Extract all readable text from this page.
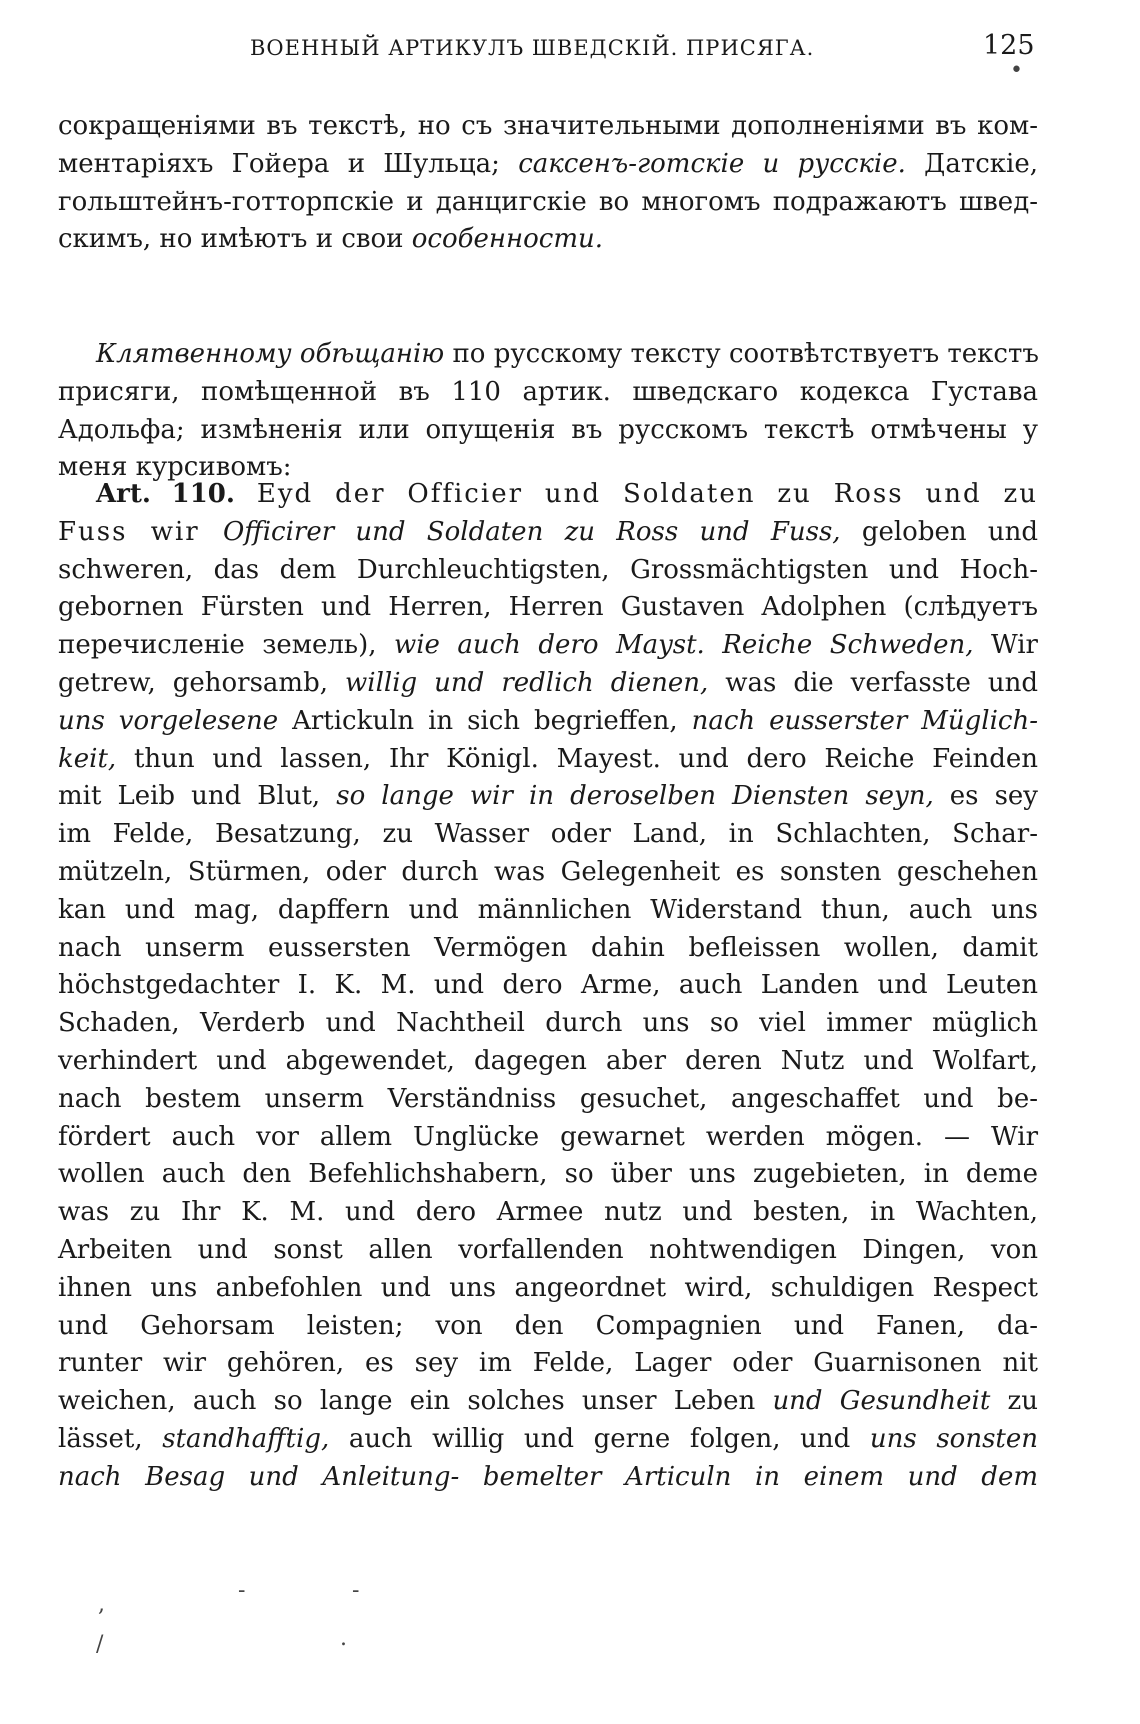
ВОЕННЫЙ АРТИКУЛЪ ШВЕДСКІЙ. ПРИСЯГА.	125
сокращеніями въ текстѣ, но съ значительными дополненіями въ ком-
ментаріяхъ Гойера и Шульца; саксенъ-готскіе и русскіе. Датскіе,
гольштейнъ-готторпскіе и данцигскіе во многомъ подражаютъ швед-
скимъ, но имѣютъ и свои особенности.
Клятвенному обѣщанію по русскому тексту соотвѣтствуетъ текстъ
присяги, помѣщенной въ 110 артик. шведскаго кодекса Густава
Адольфа; измѣненія или опущенія въ русскомъ текстѣ отмѣчены у
меня курсивомъ:
Art. 110. Eyd der Officier und Soldaten zu Ross und zu
Fuss wir Officirer und Soldaten zu Ross und Fuss, geloben und
schweren, das dem Durchleuchtigsten, Grossmächtigsten und Hoch-
gebornen Fürsten und Herren, Herren Gustaven Adolphen (слѣдуетъ
перечисленіе земель), wie auch dero Mayst. Reiche Schweden, Wir
getrew, gehorsamb, willig und redlich dienen, was die verfasste und
uns vorgelesene Artickuln in sich begrieffen, nach eusserster Müglich-
keit, thun und lassen, Ihr Königl. Mayest. und dero Reiche Feinden
mit Leib und Blut, so lange wir in deroselben Diensten seyn, es sey
im Felde, Besatzung, zu Wasser oder Land, in Schlachten, Schar-
mützeln, Stürmen, oder durch was Gelegenheit es sonsten geschehen
kan und mag, dapffern und männlichen Widerstand thun, auch uns
nach unserm eussersten Vermögen dahin befleissen wollen, damit
höchstgedachter I. K. M. und dero Arme, auch Landen und Leuten
Schaden, Verderb und Nachtheil durch uns so viel immer müglich
verhindert und abgewendet, dagegen aber deren Nutz und Wolfart,
nach bestem unserm Verständniss gesuchet, angeschaffet und be-
fördert auch vor allem Unglücke gewarnet werden mögen. — Wir
wollen auch den Befehlichshabern, so über uns zugebieten, in deme
was zu Ihr K. M. und dero Armee nutz und besten, in Wachten,
Arbeiten und sonst allen vorfallenden nohtwendigen Dingen, von
ihnen uns anbefohlen und uns angeordnet wird, schuldigen Respect
und Gehorsam leisten; von den Compagnien und Fanen, da-
runter wir gehören, es sey im Felde, Lager oder Guarnisonen nit
weichen, auch so lange ein solches unser Leben und Gesundheit zu
lässet, standhafftig, auch willig und gerne folgen, und uns sonsten
nach Besag und Anleitung- bemelter Articuln in einem und dem
•
,
-	-
/	.
